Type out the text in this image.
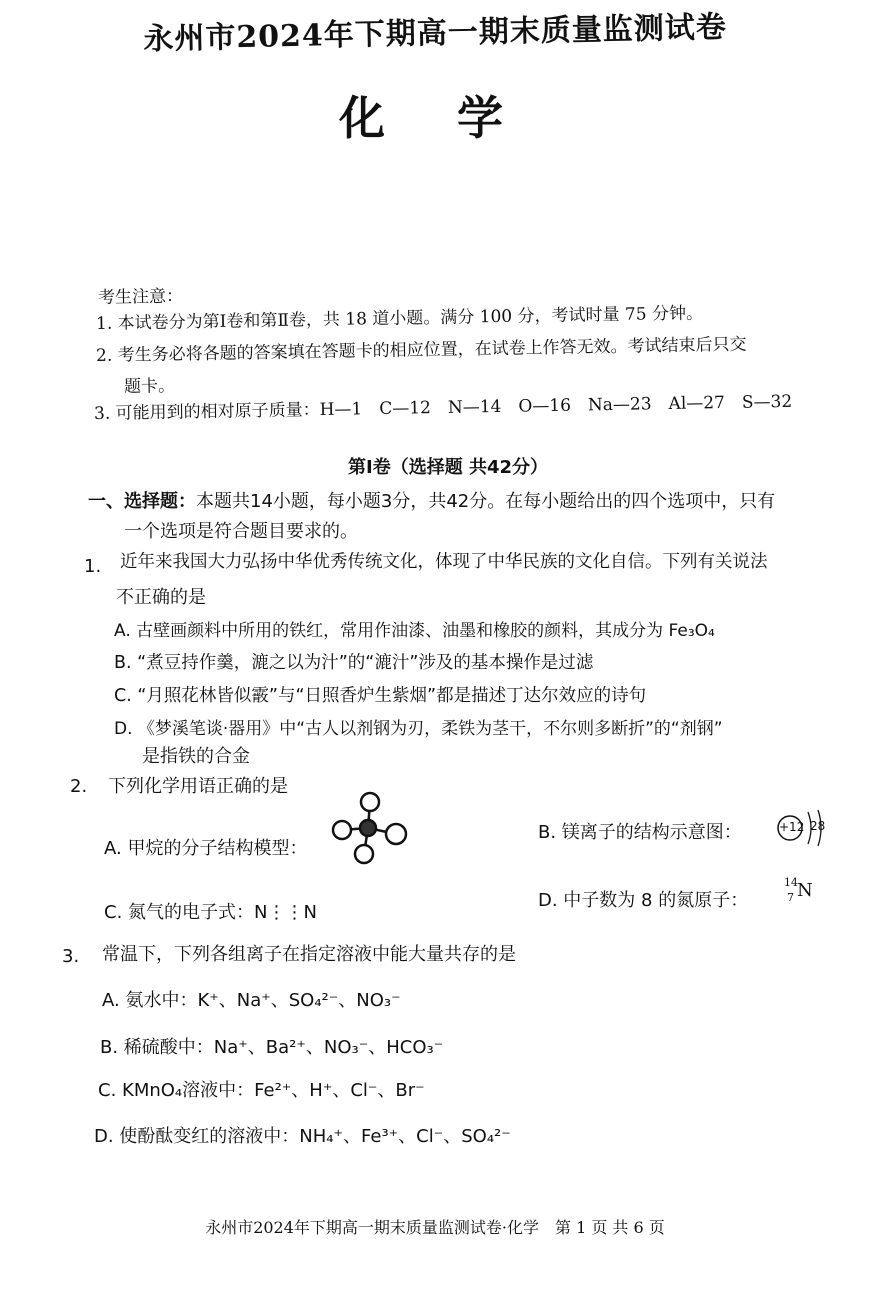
永州市2024年下期高一期末质量监测试卷
化 学
考生注意：
1. 本试卷分为第Ⅰ卷和第Ⅱ卷，共 18 道小题。满分 100 分，考试时量 75 分钟。
2. 考生务必将各题的答案填在答题卡的相应位置，在试卷上作答无效。考试结束后只交
题卡。
3. 可能用到的相对原子质量：H—1　C—12　N—14　O—16　Na—23　Al—27　S—32
第Ⅰ卷（选择题 共42分）
一、选择题：本题共14小题，每小题3分，共42分。在每小题给出的四个选项中，只有
一个选项是符合题目要求的。
1. 近年来我国大力弘扬中华优秀传统文化，体现了中华民族的文化自信。下列有关说法
不正确的是
A. 古壁画颜料中所用的铁红，常用作油漆、油墨和橡胶的颜料，其成分为 Fe₃O₄
B. “煮豆持作羹，漉之以为汁”的“漉汁”涉及的基本操作是过滤
C. “月照花林皆似霰”与“日照香炉生紫烟”都是描述丁达尔效应的诗句
D. 《梦溪笔谈·器用》中“古人以剂钢为刃，柔铁为茎干，不尔则多断折”的“剂钢”
是指铁的合金
2. 下列化学用语正确的是
A. 甲烷的分子结构模型：
B. 镁离子的结构示意图：	+12 28
C. 氮气的电子式：N⋮⋮N
D. 中子数为 8 的氮原子：
14
7 N
3. 常温下，下列各组离子在指定溶液中能大量共存的是
A. 氨水中：K⁺、Na⁺、SO₄²⁻、NO₃⁻
B. 稀硫酸中：Na⁺、Ba²⁺、NO₃⁻、HCO₃⁻
C. KMnO₄溶液中：Fe²⁺、H⁺、Cl⁻、Br⁻
D. 使酚酞变红的溶液中：NH₄⁺、Fe³⁺、Cl⁻、SO₄²⁻
永州市2024年下期高一期末质量监测试卷·化学　第 1 页 共 6 页
